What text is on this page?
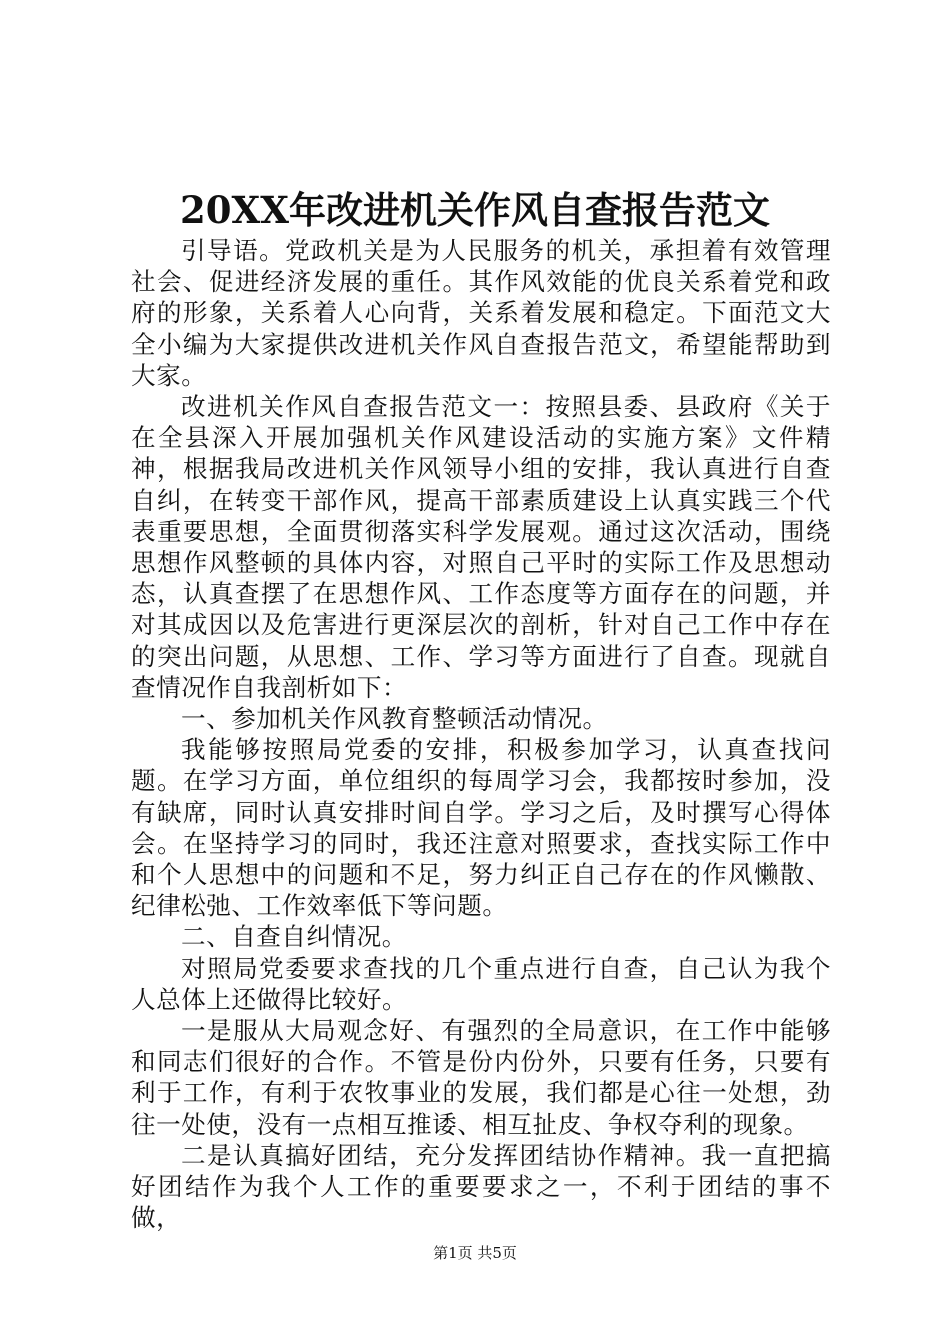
20XX年改进机关作风自查报告范文

引导语。党政机关是为人民服务的机关，承担着有效管理社会、促进经济发展的重任。其作风效能的优良关系着党和政府的形象，关系着人心向背，关系着发展和稳定。下面范文大全小编为大家提供改进机关作风自查报告范文，希望能帮助到大家。

改进机关作风自查报告范文一：按照县委、县政府《关于在全县深入开展加强机关作风建设活动的实施方案》文件精神，根据我局改进机关作风领导小组的安排，我认真进行自查自纠，在转变干部作风，提高干部素质建设上认真实践三个代表重要思想，全面贯彻落实科学发展观。通过这次活动，围绕思想作风整顿的具体内容，对照自己平时的实际工作及思想动态，认真查摆了在思想作风、工作态度等方面存在的问题，并对其成因以及危害进行更深层次的剖析，针对自己工作中存在的突出问题，从思想、工作、学习等方面进行了自查。现就自查情况作自我剖析如下：

一、参加机关作风教育整顿活动情况。

我能够按照局党委的安排，积极参加学习，认真查找问题。在学习方面，单位组织的每周学习会，我都按时参加，没有缺席，同时认真安排时间自学。学习之后，及时撰写心得体会。在坚持学习的同时，我还注意对照要求，查找实际工作中和个人思想中的问题和不足，努力纠正自己存在的作风懒散、纪律松弛、工作效率低下等问题。

二、自查自纠情况。

对照局党委要求查找的几个重点进行自查，自己认为我个人总体上还做得比较好。

一是服从大局观念好、有强烈的全局意识，在工作中能够和同志们很好的合作。不管是份内份外，只要有任务，只要有利于工作，有利于农牧事业的发展，我们都是心往一处想，劲往一处使，没有一点相互推诿、相互扯皮、争权夺利的现象。

二是认真搞好团结，充分发挥团结协作精神。我一直把搞好团结作为我个人工作的重要要求之一，不利于团结的事不做，

第1页 共5页
